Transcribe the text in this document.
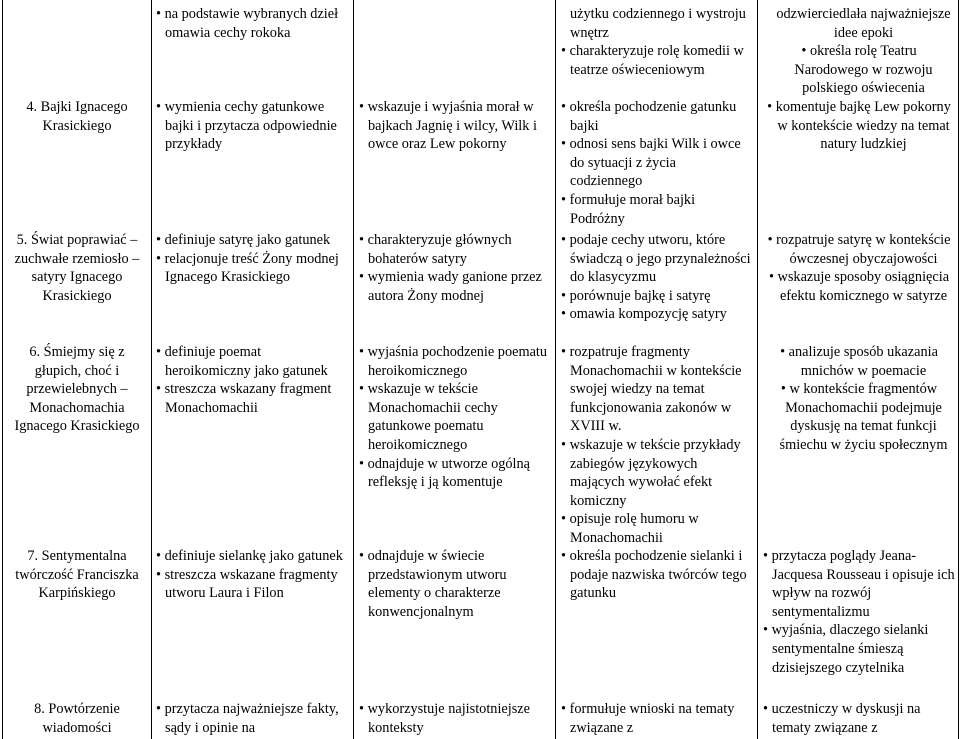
• na podstawie wybranych dzieł omawia cechy rokoka

użytku codziennego i wystroju wnętrz

• charakteryzuje rolę komedii w teatrze oświeceniowym

odzwierciedlała najważniejsze idee epoki

• określa rolę Teatru Narodowego w rozwoju polskiego oświecenia

4. Bajki Ignacego Krasickiego

• wymienia cechy gatunkowe bajki i przytacza odpowiednie przykłady

• wskazuje i wyjaśnia morał w bajkach Jagnię i wilcy, Wilk i owce oraz Lew pokorny

• określa pochodzenie gatunku bajki

• odnosi sens bajki Wilk i owce do sytuacji z życia codziennego

• formułuje morał bajki Podróżny

• komentuje bajkę Lew pokorny w kontekście wiedzy na temat natury ludzkiej

5. Świat poprawiać – zuchwałe rzemiosło – satyry Ignacego Krasickiego

• definiuje satyrę jako gatunek

• relacjonuje treść Żony modnej Ignacego Krasickiego

• charakteryzuje głównych bohaterów satyry

• wymienia wady ganione przez autora Żony modnej

• podaje cechy utworu, które świadczą o jego przynależności do klasycyzmu

• porównuje bajkę i satyrę

• omawia kompozycję satyry

• rozpatruje satyrę w kontekście ówczesnej obyczajowości

• wskazuje sposoby osiągnięcia efektu komicznego w satyrze

6. Śmiejmy się z głupich, choć i przewielebnych – Monachomachia Ignacego Krasickiego

• definiuje poemat heroikomiczny jako gatunek

• streszcza wskazany fragment Monachomachii

• wyjaśnia pochodzenie poematu heroikomicznego

• wskazuje w tekście Monachomachii cechy gatunkowe poematu heroikomicznego

• odnajduje w utworze ogólną refleksję i ją komentuje

• rozpatruje fragmenty Monachomachii w kontekście swojej wiedzy na temat funkcjonowania zakonów w XVIII w.

• wskazuje w tekście przykłady zabiegów językowych mających wywołać efekt komiczny

• opisuje rolę humoru w Monachomachii

• analizuje sposób ukazania mnichów w poemacie

• w kontekście fragmentów Monachomachii podejmuje dyskusję na temat funkcji śmiechu w życiu społecznym

7. Sentymentalna twórczość Franciszka Karpińskiego

• definiuje sielankę jako gatunek

• streszcza wskazane fragmenty utworu Laura i Filon

• odnajduje w świecie przedstawionym utworu elementy o charakterze konwencjonalnym

• określa pochodzenie sielanki i podaje nazwiska twórców tego gatunku

• przytacza poglądy Jeana-Jacquesa Rousseau i opisuje ich wpływ na rozwój sentymentalizmu

• wyjaśnia, dlaczego sielanki sentymentalne śmieszą dzisiejszego czytelnika

8. Powtórzenie wiadomości

• przytacza najważniejsze fakty, sądy i opinie na

• wykorzystuje najistotniejsze konteksty

• formułuje wnioski na tematy związane z

• uczestniczy w dyskusji na tematy związane z
